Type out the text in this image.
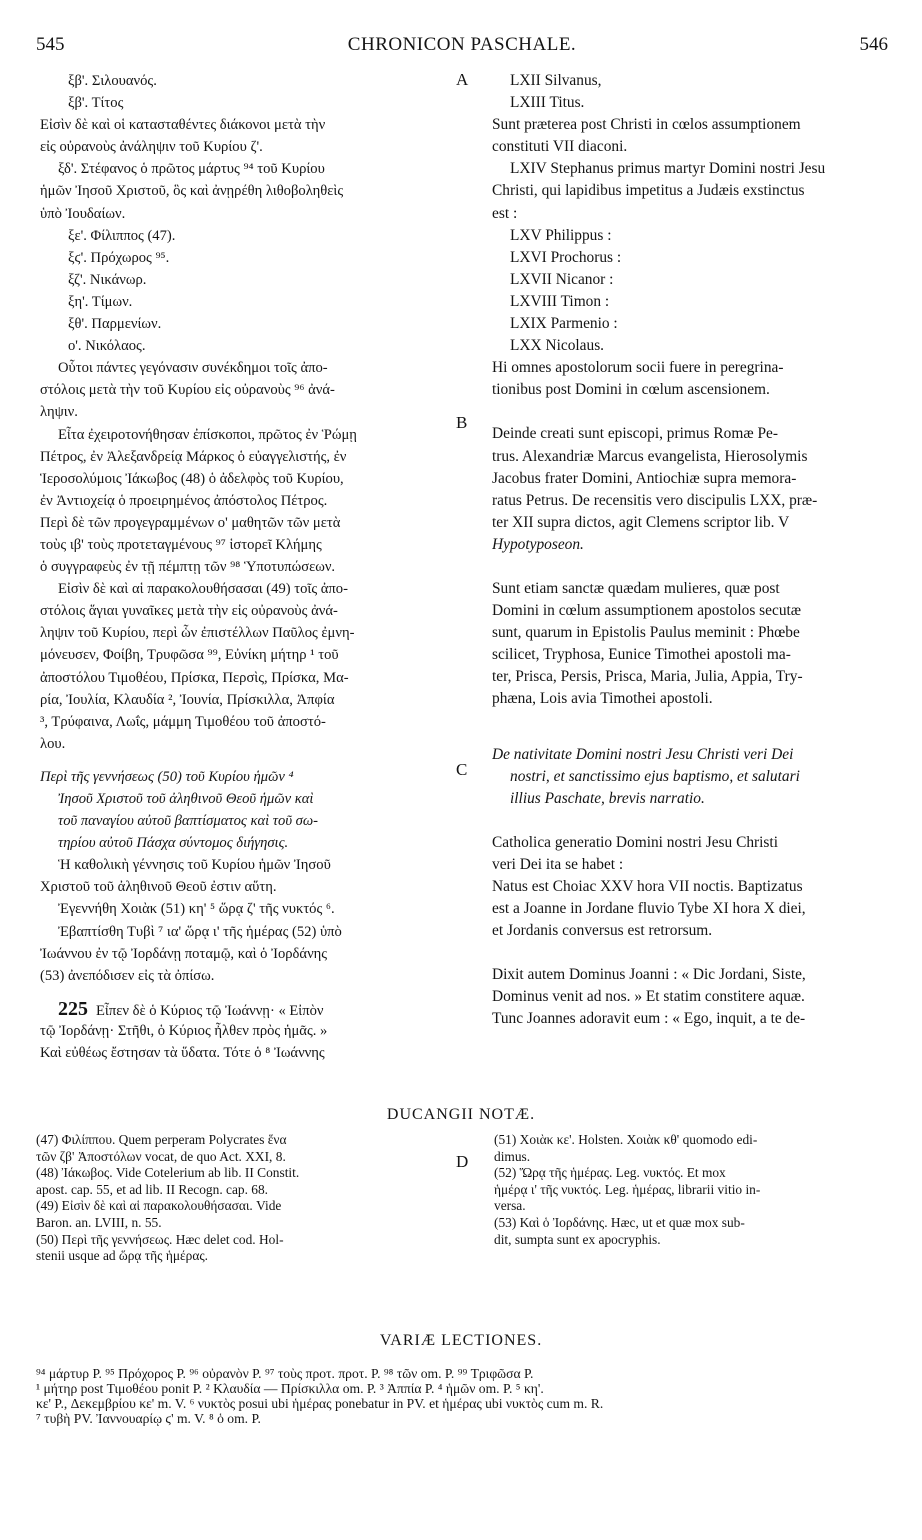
545	CHRONICON PASCHALE.	546
A
B
C
D
ξβ'. Σιλουανός.
ξβ'. Τίτος
Εἰσὶν δὲ καὶ οἱ κατασταθέντες διάκονοι μετὰ τὴν
εἰς οὐρανοὺς ἀνάληψιν τοῦ Κυρίου ζ'.
ξδ'. Στέφανος ὁ πρῶτος μάρτυς ⁹⁴ τοῦ Κυρίου
ἡμῶν Ἰησοῦ Χριστοῦ, ὃς καὶ ἀνῃρέθη λιθοβοληθεὶς
ὑπὸ Ἰουδαίων.
ξε'. Φίλιππος (47).
ξϛ'. Πρόχωρος ⁹⁵.
ξζ'. Νικάνωρ.
ξη'. Τίμων.
ξθ'. Παρμενίων.
ο'. Νικόλαος.
Οὗτοι πάντες γεγόνασιν συνέκδημοι τοῖς ἀπο-
στόλοις μετὰ τὴν τοῦ Κυρίου εἰς οὐρανοὺς ⁹⁶ ἀνά-
ληψιν.
Εἶτα ἐχειροτονήθησαν ἐπίσκοποι, πρῶτος ἐν Ῥώμῃ
Πέτρος, ἐν Ἀλεξανδρείᾳ Μάρκος ὁ εὐαγγελιστής, ἐν
Ἱεροσολύμοις Ἰάκωβος (48) ὁ ἀδελφὸς τοῦ Κυρίου,
ἐν Ἀντιοχείᾳ ὁ προειρημένος ἀπόστολος Πέτρος.
Περὶ δὲ τῶν προγεγραμμένων ο' μαθητῶν τῶν μετὰ
τοὺς ιβ' τοὺς προτεταγμένους ⁹⁷ ἱστορεῖ Κλήμης
ὁ συγγραφεὺς ἐν τῇ πέμπτῃ τῶν ⁹⁸ Ὑποτυπώσεων.
Εἰσὶν δὲ καὶ αἱ παρακολουθήσασαι (49) τοῖς ἀπο-
στόλοις ἅγιαι γυναῖκες μετὰ τὴν εἰς οὐρανοὺς ἀνά-
ληψιν τοῦ Κυρίου, περὶ ὧν ἐπιστέλλων Παῦλος ἐμνη-
μόνευσεν, Φοίβη, Τρυφῶσα ⁹⁹, Εὐνίκη μήτηρ ¹ τοῦ
ἀποστόλου Τιμοθέου, Πρίσκα, Περσὶς, Πρίσκα, Μα-
ρία, Ἰουλία, Κλαυδία ², Ἰουνία, Πρίσκιλλα, Ἀπφία
³, Τρύφαινα, Λωΐς, μάμμη Τιμοθέου τοῦ ἀποστό-
λου.
Περὶ τῆς γεννήσεως (50) τοῦ Κυρίου ἡμῶν ⁴
Ἰησοῦ Χριστοῦ τοῦ ἀληθινοῦ Θεοῦ ἡμῶν καὶ
τοῦ παναγίου αὐτοῦ βαπτίσματος καὶ τοῦ σω-
τηρίου αὐτοῦ Πάσχα σύντομος διήγησις.
Ἡ καθολικὴ γέννησις τοῦ Κυρίου ἡμῶν Ἰησοῦ
Χριστοῦ τοῦ ἀληθινοῦ Θεοῦ ἐστιν αὕτη.
Ἐγεννήθη Χοιὰκ (51) κη' ⁵ ὥρᾳ ζ' τῆς νυκτός ⁶.
Ἐβαπτίσθη Τυβὶ ⁷ ια' ὥρᾳ ι' τῆς ἡμέρας (52) ὑπὸ
Ἰωάννου ἐν τῷ Ἰορδάνῃ ποταμῷ, καὶ ὁ Ἰορδάνης
(53) ἀνεπόδισεν εἰς τὰ ὀπίσω.
225 Εἶπεν δὲ ὁ Κύριος τῷ Ἰωάννῃ· « Εἰπὸν
τῷ Ἰορδάνῃ· Στῆθι, ὁ Κύριος ἦλθεν πρὸς ἡμᾶς. »
Καὶ εὐθέως ἔστησαν τὰ ὕδατα. Τότε ὁ ⁸ Ἰωάννης
LXII Silvanus,
LXIII Titus.
Sunt præterea post Christi in cœlos assumptionem
constituti VII diaconi.
LXIV Stephanus primus martyr Domini nostri Jesu
Christi, qui lapidibus impetitus a Judæis exstinctus
est :
LXV Philippus :
LXVI Prochorus :
LXVII Nicanor :
LXVIII Timon :
LXIX Parmenio :
LXX Nicolaus.
Hi omnes apostolorum socii fuere in peregrina-
tionibus post Domini in cœlum ascensionem.
Deinde creati sunt episcopi, primus Romæ Pe-
trus. Alexandriæ Marcus evangelista, Hierosolymis
Jacobus frater Domini, Antiochiæ supra memora-
ratus Petrus. De recensitis vero discipulis LXX, præ-
ter XII supra dictos, agit Clemens scriptor lib. V
Hypotyposeon.
Sunt etiam sanctæ quædam mulieres, quæ post
Domini in cœlum assumptionem apostolos secutæ
sunt, quarum in Epistolis Paulus meminit : Phœbe
scilicet, Tryphosa, Eunice Timothei apostoli ma-
ter, Prisca, Persis, Prisca, Maria, Julia, Appia, Try-
phæna, Lois avia Timothei apostoli.
De nativitate Domini nostri Jesu Christi veri Dei
nostri, et sanctissimo ejus baptismo, et salutari
illius Paschate, brevis narratio.
Catholica generatio Domini nostri Jesu Christi
veri Dei ita se habet :
Natus est Choiac XXV hora VII noctis. Baptizatus
est a Joanne in Jordane fluvio Tybe XI hora X diei,
et Jordanis conversus est retrorsum.
Dixit autem Dominus Joanni : « Dic Jordani, Siste,
Dominus venit ad nos. » Et statim constitere aquæ.
Tunc Joannes adoravit eum : « Ego, inquit, a te de-
DUCANGII NOTÆ.
(47) Φιλίππου. Quem perperam Polycrates ἕνα
τῶν ζβ' Ἀποστόλων vocat, de quo Act. XXI, 8.
(48) Ἰάκωβος. Vide Cotelerium ab lib. II Constit.
apost. cap. 55, et ad lib. II Recogn. cap. 68.
(49) Εἰσὶν δὲ καὶ αἱ παρακολουθήσασαι. Vide
Baron. an. LVIII, n. 55.
(50) Περὶ τῆς γεννήσεως. Hæc delet cod. Hol-
stenii usque ad ὥρᾳ τῆς ἡμέρας.
(51) Χοιὰκ κε'. Holsten. Χοιὰκ κθ' quomodo edi-
dimus.
(52) Ὥρᾳ τῆς ἡμέρας. Leg. νυκτός. Et mox
ἡμέρᾳ ι' τῆς νυκτός. Leg. ἡμέρας, librarii vitio in-
versa.
(53) Καὶ ὁ Ἰορδάνης. Hæc, ut et quæ mox sub-
dit, sumpta sunt ex apocryphis.
VARIÆ LECTIONES.
⁹⁴ μάρτυρ P. ⁹⁵ Πρόχορος P. ⁹⁶ οὐρανὸν P. ⁹⁷ τοὺς προτ. προτ. P. ⁹⁸ τῶν om. P. ⁹⁹ Τριφῶσα P.
¹ μήτηρ post Τιμοθέου ponit P. ² Κλαυδία — Πρίσκιλλα om. P. ³ Ἀππία P. ⁴ ἡμῶν om. P. ⁵ κη'.
κε' P., Δεκεμβρίου κε' m. V. ⁶ νυκτὸς posui ubi ἡμέρας ponebatur in PV. et ἡμέρας ubi νυκτὸς cum m. R.
⁷ τυβὴ PV. Ἰαννουαρίῳ ϛ' m. V. ⁸ ὁ om. P.
